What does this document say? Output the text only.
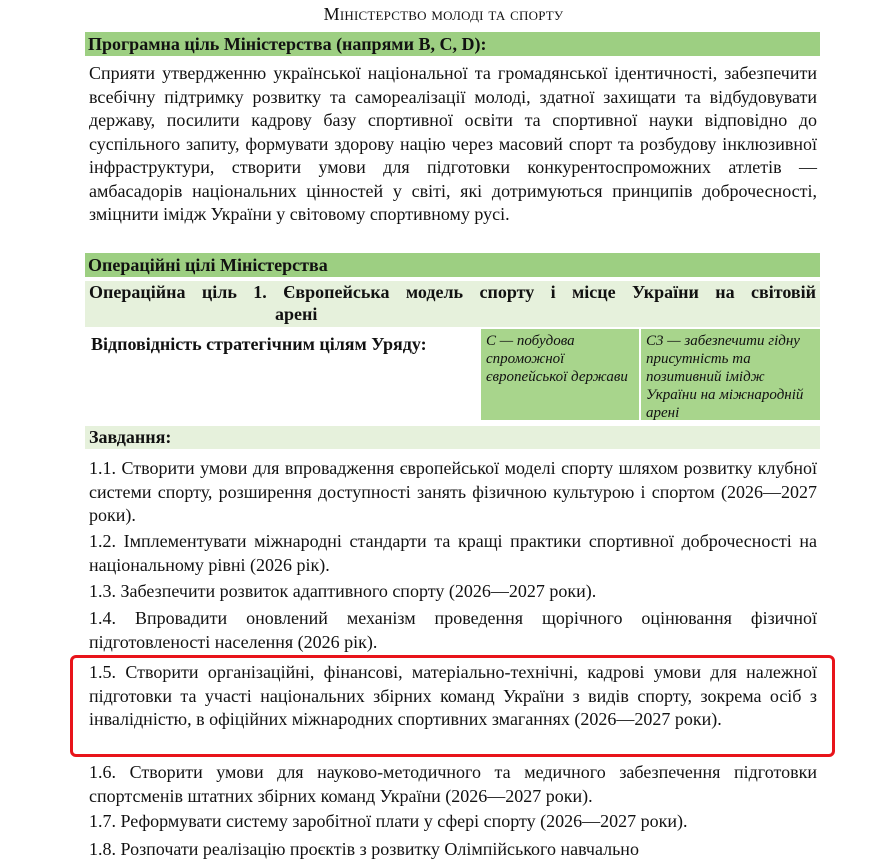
Міністерство молоді та спорту
Програмна ціль Міністерства (напрями B, C, D):
Сприяти утвердженню української національної та громадянської ідентичності, забезпечити всебічну підтримку розвитку та самореалізації молоді, здатної захищати та відбудовувати державу, посилити кадрову базу спортивної освіти та спортивної науки відповідно до суспільного запиту, формувати здорову націю через масовий спорт та розбудову інклюзивної інфраструктури, створити умови для підготовки конкурентоспроможних атлетів — амбасадорів національних цінностей у світі, які дотримуються принципів доброчесності, зміцнити імідж України у світовому спортивному русі.
Операційні цілі Міністерства
Операційна ціль 1. Європейська модель спорту і місце України на світовій
арені
Відповідність стратегічним цілям Уряду:	С — побудова спроможної європейської держави
С3 — забезпечити гідну присутність та позитивний імідж України на міжнародній арені
Завдання:
1.1. Створити умови для впровадження європейської моделі спорту шляхом розвитку клубної системи спорту, розширення доступності занять фізичною культурою і спортом (2026—2027 роки).
1.2. Імплементувати міжнародні стандарти та кращі практики спортивної доброчесності на національному рівні (2026 рік).
1.3. Забезпечити розвиток адаптивного спорту (2026—2027 роки).
1.4. Впровадити оновлений механізм проведення щорічного оцінювання фізичної підготовленості населення (2026 рік).
1.5. Створити організаційні, фінансові, матеріально-технічні, кадрові умови для належної підготовки та участі національних збірних команд України з видів спорту, зокрема осіб з інвалідністю, в офіційних міжнародних спортивних змаганнях (2026—2027 роки).
1.6. Створити умови для науково-методичного та медичного забезпечення підготовки спортсменів штатних збірних команд України (2026—2027 роки).
1.7. Реформувати систему заробітної плати у сфері спорту (2026—2027 роки).
1.8. Розпочати реалізацію проєктів з розвитку Олімпійського навчально
